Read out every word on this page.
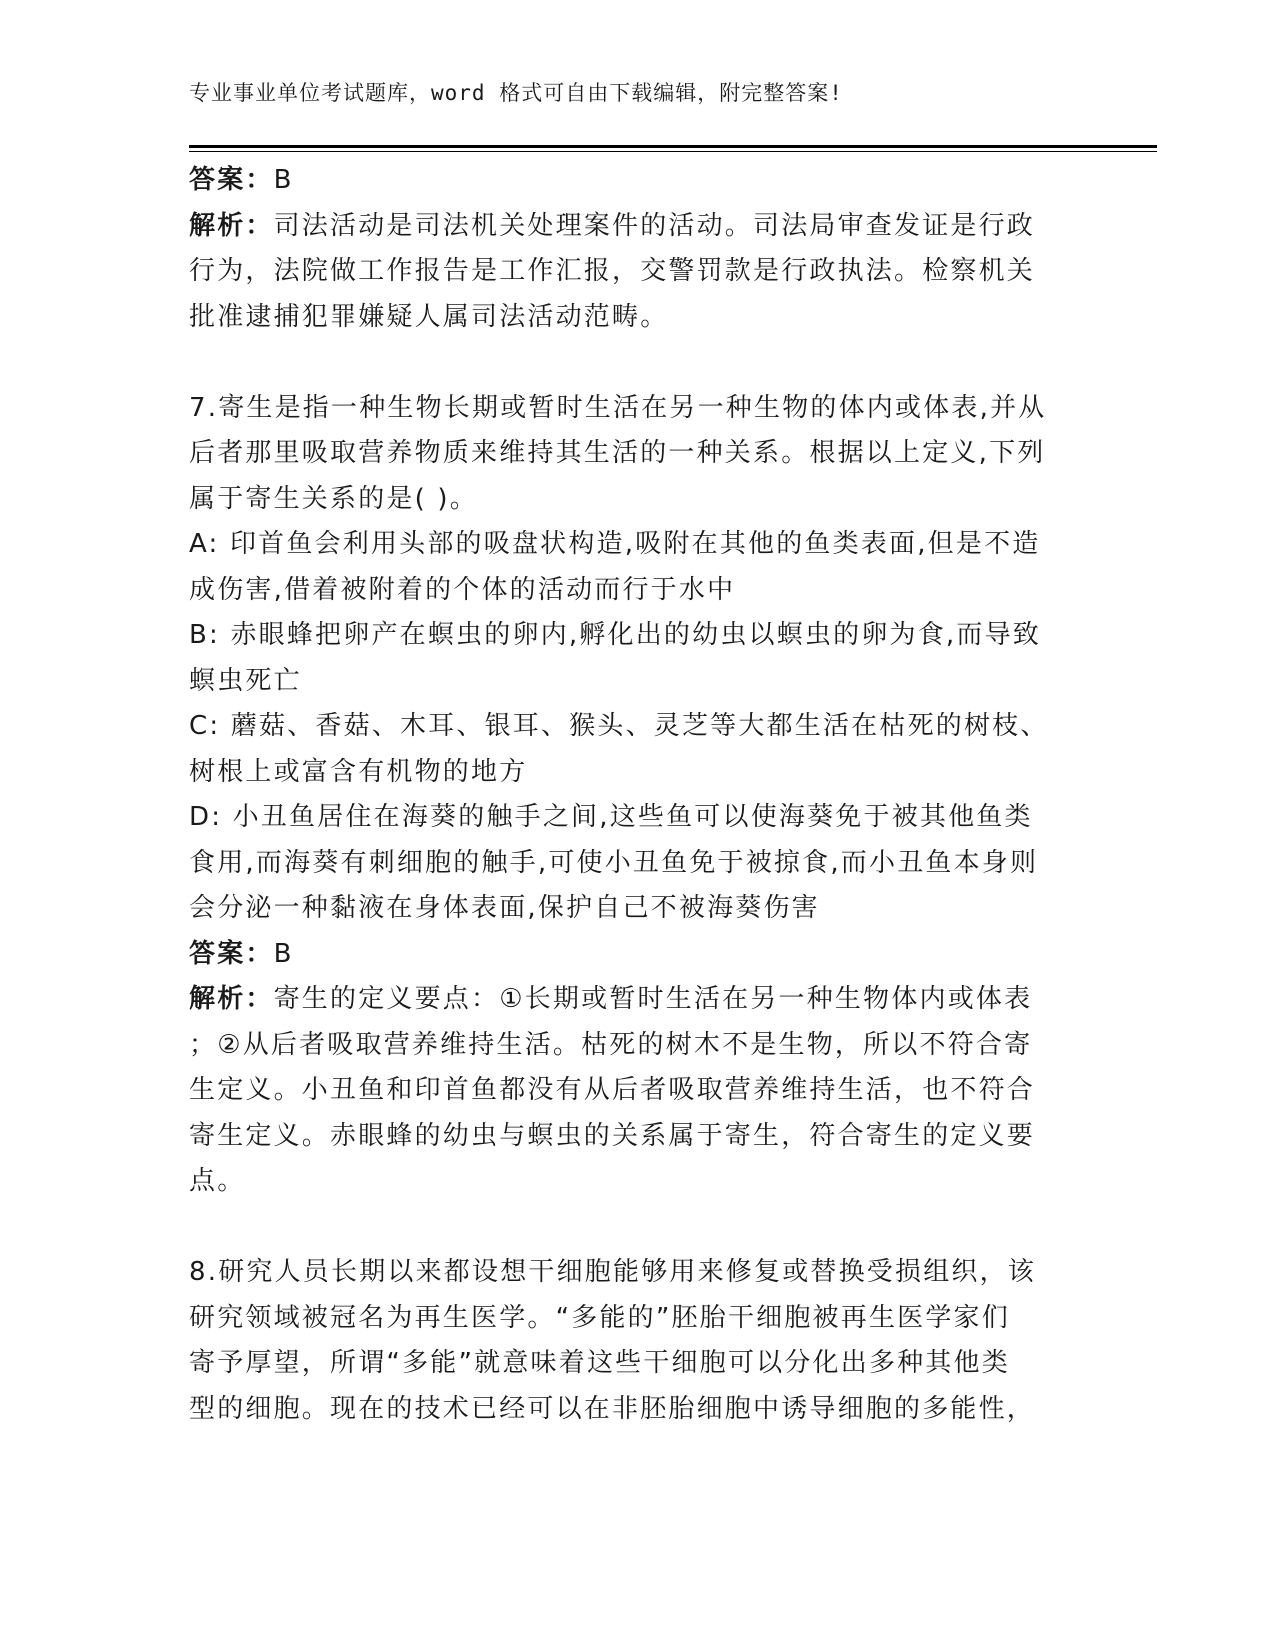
专业事业单位考试题库，word 格式可自由下载编辑，附完整答案!

答案：B

解析：司法活动是司法机关处理案件的活动。司法局审查发证是行政

行为，法院做工作报告是工作汇报，交警罚款是行政执法。检察机关

批准逮捕犯罪嫌疑人属司法活动范畴。

7.寄生是指一种生物长期或暂时生活在另一种生物的体内或体表,并从

后者那里吸取营养物质来维持其生活的一种关系。根据以上定义,下列

属于寄生关系的是( )。

A: 印首鱼会利用头部的吸盘状构造,吸附在其他的鱼类表面,但是不造

成伤害,借着被附着的个体的活动而行于水中

B: 赤眼蜂把卵产在螟虫的卵内,孵化出的幼虫以螟虫的卵为食,而导致

螟虫死亡

C: 蘑菇、香菇、木耳、银耳、猴头、灵芝等大都生活在枯死的树枝、

树根上或富含有机物的地方

D: 小丑鱼居住在海葵的触手之间,这些鱼可以使海葵免于被其他鱼类

食用,而海葵有刺细胞的触手,可使小丑鱼免于被掠食,而小丑鱼本身则

会分泌一种黏液在身体表面,保护自己不被海葵伤害

答案：B

解析：寄生的定义要点：①长期或暂时生活在另一种生物体内或体表

；②从后者吸取营养维持生活。枯死的树木不是生物，所以不符合寄

生定义。小丑鱼和印首鱼都没有从后者吸取营养维持生活，也不符合

寄生定义。赤眼蜂的幼虫与螟虫的关系属于寄生，符合寄生的定义要

点。

8.研究人员长期以来都设想干细胞能够用来修复或替换受损组织，该

研究领域被冠名为再生医学。“多能的”胚胎干细胞被再生医学家们

寄予厚望，所谓“多能”就意味着这些干细胞可以分化出多种其他类

型的细胞。现在的技术已经可以在非胚胎细胞中诱导细胞的多能性，
